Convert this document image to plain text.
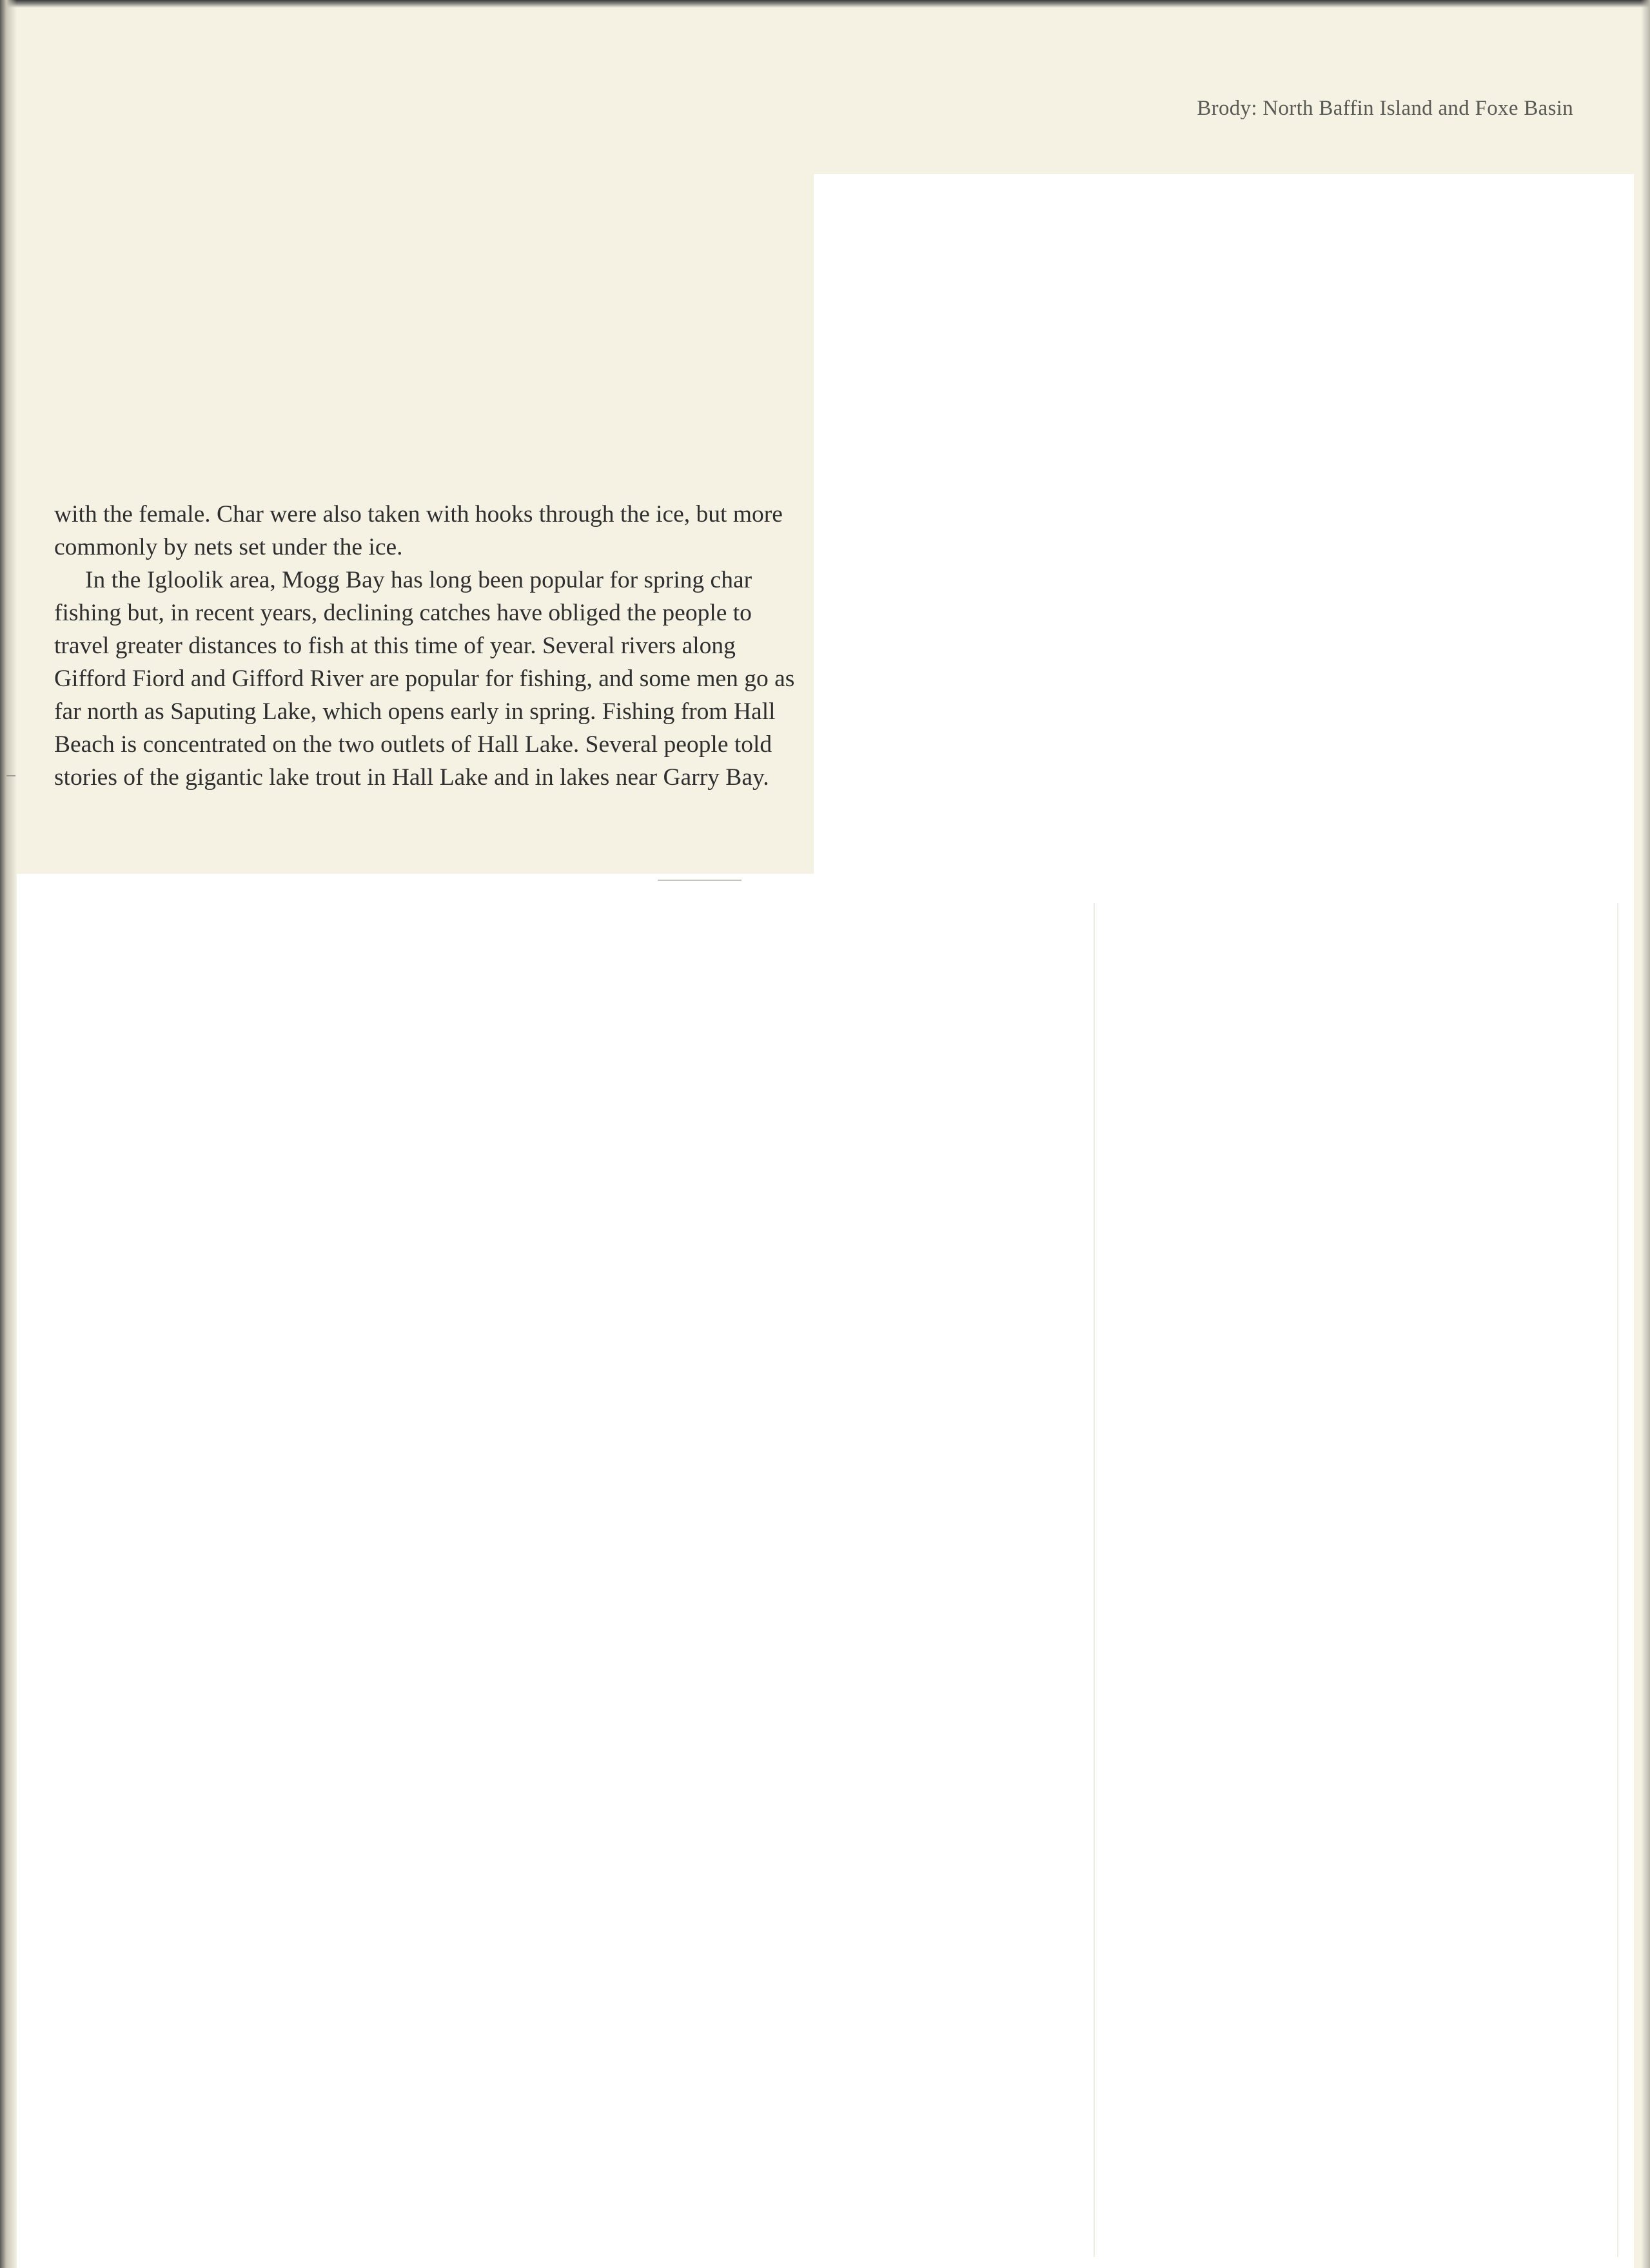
Brody: North Baffin Island and Foxe Basin

with the female. Char were also taken with hooks through the ice, but more commonly by nets set under the ice.

In the Igloolik area, Mogg Bay has long been popular for spring char fishing but, in recent years, declining catches have obliged the people to travel greater distances to fish at this time of year. Several rivers along Gifford Fiord and Gifford River are popular for fishing, and some men go as far north as Saputing Lake, which opens early in spring. Fishing from Hall Beach is concentrated on the two outlets of Hall Lake. Several people told stories of the gigantic lake trout in Hall Lake and in lakes near Garry Bay.
